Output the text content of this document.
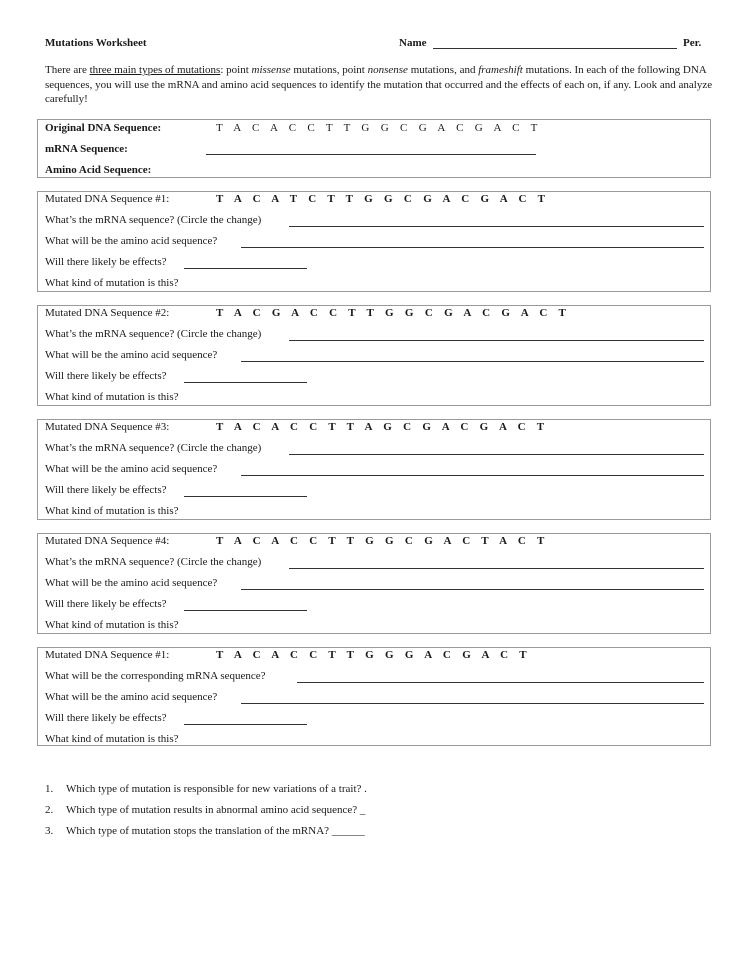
Mutations Worksheet	Name	Per.
There are three main types of mutations: point missense mutations, point nonsense mutations, and frameshift mutations. In each of the following DNA sequences, you will use the mRNA and amino acid sequences to identify the mutation that occurred and the effects of each on, if any. Look and analyze carefully!
Original DNA Sequence:	T A C A C C T T G G C G A C G A C T
mRNA Sequence:
Amino Acid Sequence:
Mutated DNA Sequence #1:	T A C A T C T T G G C G A C G A C T
What’s the mRNA sequence? (Circle the change)
What will be the amino acid sequence?
Will there likely be effects?
What kind of mutation is this?
Mutated DNA Sequence #2:	T A C G A C C T T G G C G A C G A C T
What’s the mRNA sequence? (Circle the change)
What will be the amino acid sequence?
Will there likely be effects?
What kind of mutation is this?
Mutated DNA Sequence #3:	T A C A C C T T A G C G A C G A C T
What’s the mRNA sequence? (Circle the change)
What will be the amino acid sequence?
Will there likely be effects?
What kind of mutation is this?
Mutated DNA Sequence #4:	T A C A C C T T G G C G A C T A C T
What’s the mRNA sequence? (Circle the change)
What will be the amino acid sequence?
Will there likely be effects?
What kind of mutation is this?
Mutated DNA Sequence #1:	T A C A C C T T G G G A C G A C T
What will be the corresponding mRNA sequence?
What will be the amino acid sequence?
Will there likely be effects?
What kind of mutation is this?
1. Which type of mutation is responsible for new variations of a trait? .
2. Which type of mutation results in abnormal amino acid sequence? _
3. Which type of mutation stops the translation of the mRNA? ______
